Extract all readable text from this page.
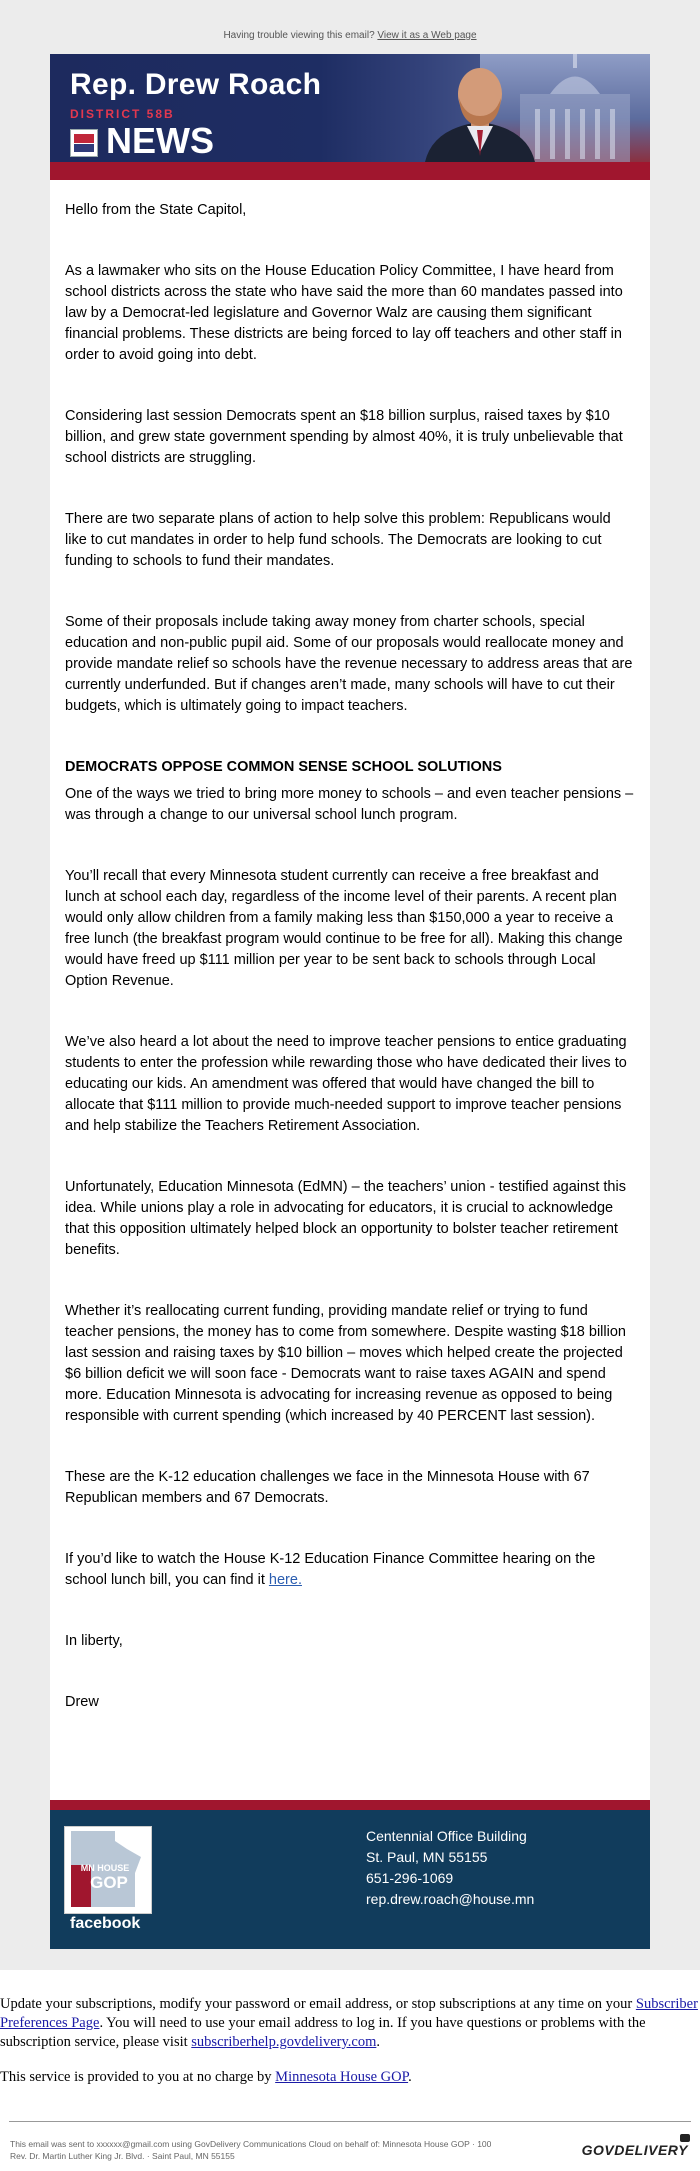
Having trouble viewing this email? View it as a Web page
Rep. Drew Roach
DISTRICT 58B
NEWS

Hello from the State Capitol,

As a lawmaker who sits on the House Education Policy Committee, I have heard from school districts across the state who have said the more than 60 mandates passed into law by a Democrat-led legislature and Governor Walz are causing them significant financial problems. These districts are being forced to lay off teachers and other staff in order to avoid going into debt.

Considering last session Democrats spent an $18 billion surplus, raised taxes by $10 billion, and grew state government spending by almost 40%, it is truly unbelievable that school districts are struggling.

There are two separate plans of action to help solve this problem: Republicans would like to cut mandates in order to help fund schools. The Democrats are looking to cut funding to schools to fund their mandates.

Some of their proposals include taking away money from charter schools, special education and non-public pupil aid. Some of our proposals would reallocate money and provide mandate relief so schools have the revenue necessary to address areas that are currently underfunded. But if changes aren’t made, many schools will have to cut their budgets, which is ultimately going to impact teachers.

DEMOCRATS OPPOSE COMMON SENSE SCHOOL SOLUTIONS

One of the ways we tried to bring more money to schools – and even teacher pensions – was through a change to our universal school lunch program.

You’ll recall that every Minnesota student currently can receive a free breakfast and lunch at school each day, regardless of the income level of their parents. A recent plan would only allow children from a family making less than $150,000 a year to receive a free lunch (the breakfast program would continue to be free for all). Making this change would have freed up $111 million per year to be sent back to schools through Local Option Revenue.

We’ve also heard a lot about the need to improve teacher pensions to entice graduating students to enter the profession while rewarding those who have dedicated their lives to educating our kids. An amendment was offered that would have changed the bill to allocate that $111 million to provide much-needed support to improve teacher pensions and help stabilize the Teachers Retirement Association.

Unfortunately, Education Minnesota (EdMN) – the teachers’ union - testified against this idea. While unions play a role in advocating for educators, it is crucial to acknowledge that this opposition ultimately helped block an opportunity to bolster teacher retirement benefits.

Whether it’s reallocating current funding, providing mandate relief or trying to fund teacher pensions, the money has to come from somewhere. Despite wasting $18 billion last session and raising taxes by $10 billion – moves which helped create the projected $6 billion deficit we will soon face - Democrats want to raise taxes AGAIN and spend more. Education Minnesota is advocating for increasing revenue as opposed to being responsible with current spending (which increased by 40 PERCENT last session).

These are the K-12 education challenges we face in the Minnesota House with 67 Republican members and 67 Democrats.

If you’d like to watch the House K-12 Education Finance Committee hearing on the school lunch bill, you can find it here.

In liberty,

Drew

MN HOUSE
GOP
facebook
Centennial Office Building
St. Paul, MN 55155
651-296-1069
rep.drew.roach@house.mn

Update your subscriptions, modify your password or email address, or stop subscriptions at any time on your Subscriber Preferences Page. You will need to use your email address to log in. If you have questions or problems with the subscription service, please visit subscriberhelp.govdelivery.com.

This service is provided to you at no charge by Minnesota House GOP.

This email was sent to xxxxxx@gmail.com using GovDelivery Communications Cloud on behalf of: Minnesota House GOP · 100
Rev. Dr. Martin Luther King Jr. Blvd. · Saint Paul, MN 55155	GOVDELIVERY
